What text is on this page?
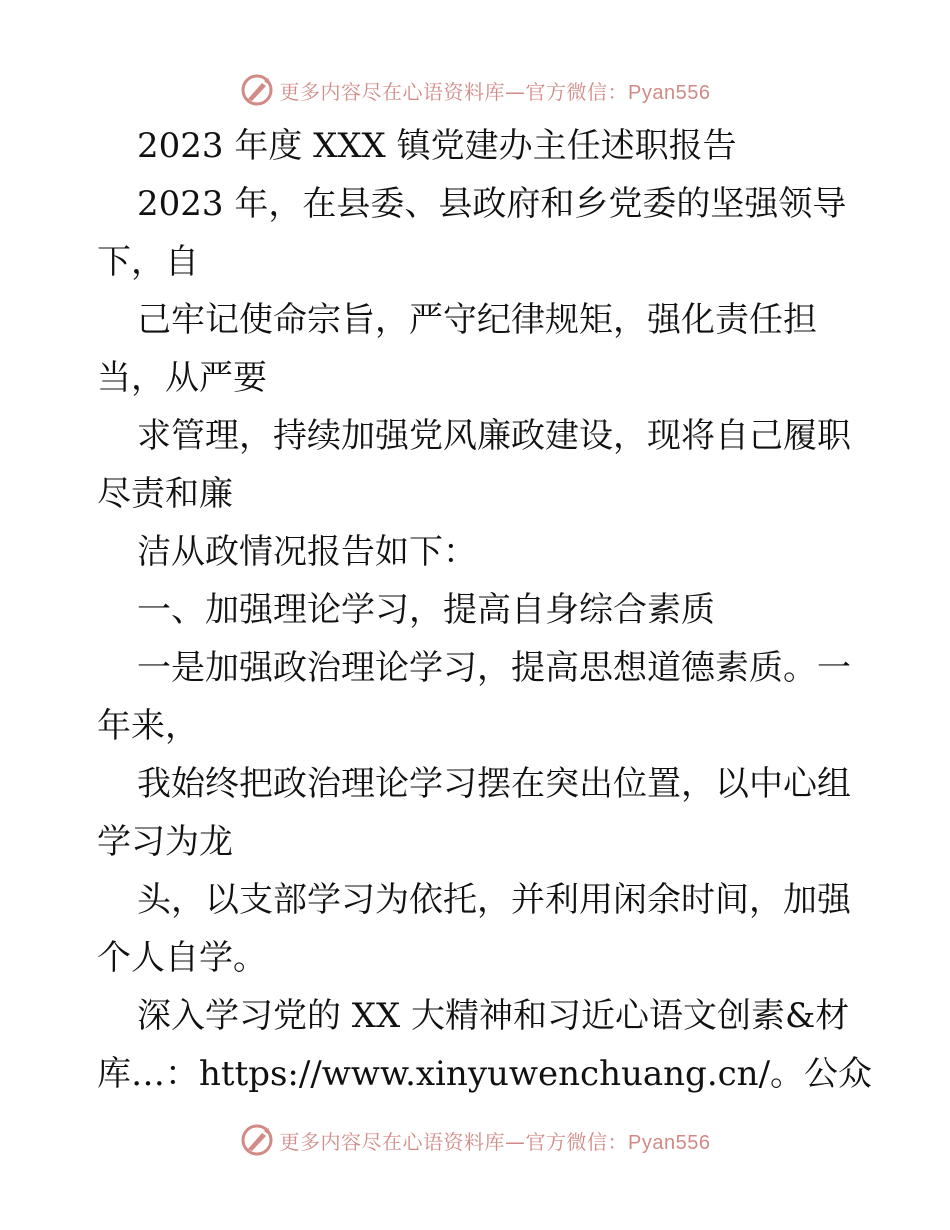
更多内容尽在心语资料库—官方微信：Pyan556
2023 年度 XXX 镇党建办主任述职报告
2023 年，在县委、县政府和乡党委的坚强领导
下，自
己牢记使命宗旨，严守纪律规矩，强化责任担
当，从严要
求管理，持续加强党风廉政建设，现将自己履职
尽责和廉
洁从政情况报告如下：
一、加强理论学习，提高自身综合素质
一是加强政治理论学习，提高思想道德素质。一
年来，
我始终把政治理论学习摆在突出位置，以中心组
学习为龙
头，以支部学习为依托，并利用闲余时间，加强
个人自学。
深入学习党的 XX 大精神和习近心语文创素&材
库…：https://www.xinyuwenchuang.cn/。公众
更多内容尽在心语资料库—官方微信：Pyan556
